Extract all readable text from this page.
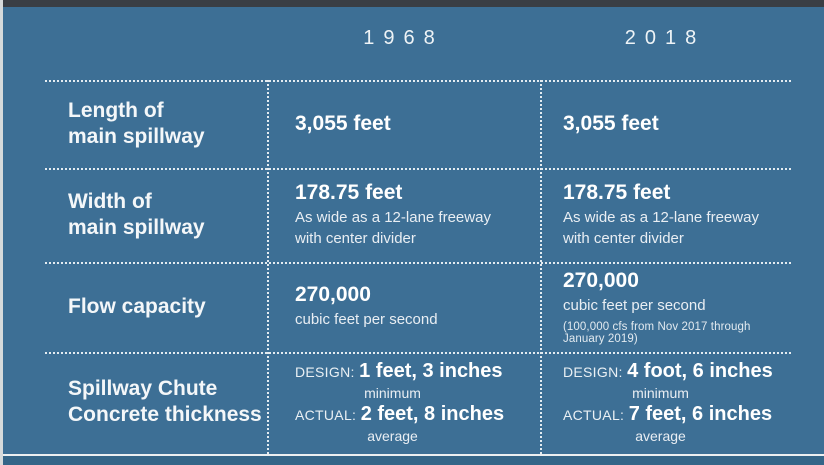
1968	2018
Length of
main spillway
3,055 feet	3,055 feet
Width of
main spillway
178.75 feet
As wide as a 12-lane freeway
with center divider
178.75 feet
As wide as a 12-lane freeway
with center divider
Flow capacity
270,000
cubic feet per second
270,000
cubic feet per second
(100,000 cfs from Nov 2017 through January 2019)
Spillway Chute
Concrete thickness
DESIGN: 1 feet, 3 inches
minimum
ACTUAL: 2 feet, 8 inches
average
DESIGN: 4 foot, 6 inches
minimum
ACTUAL: 7 feet, 6 inches
average
